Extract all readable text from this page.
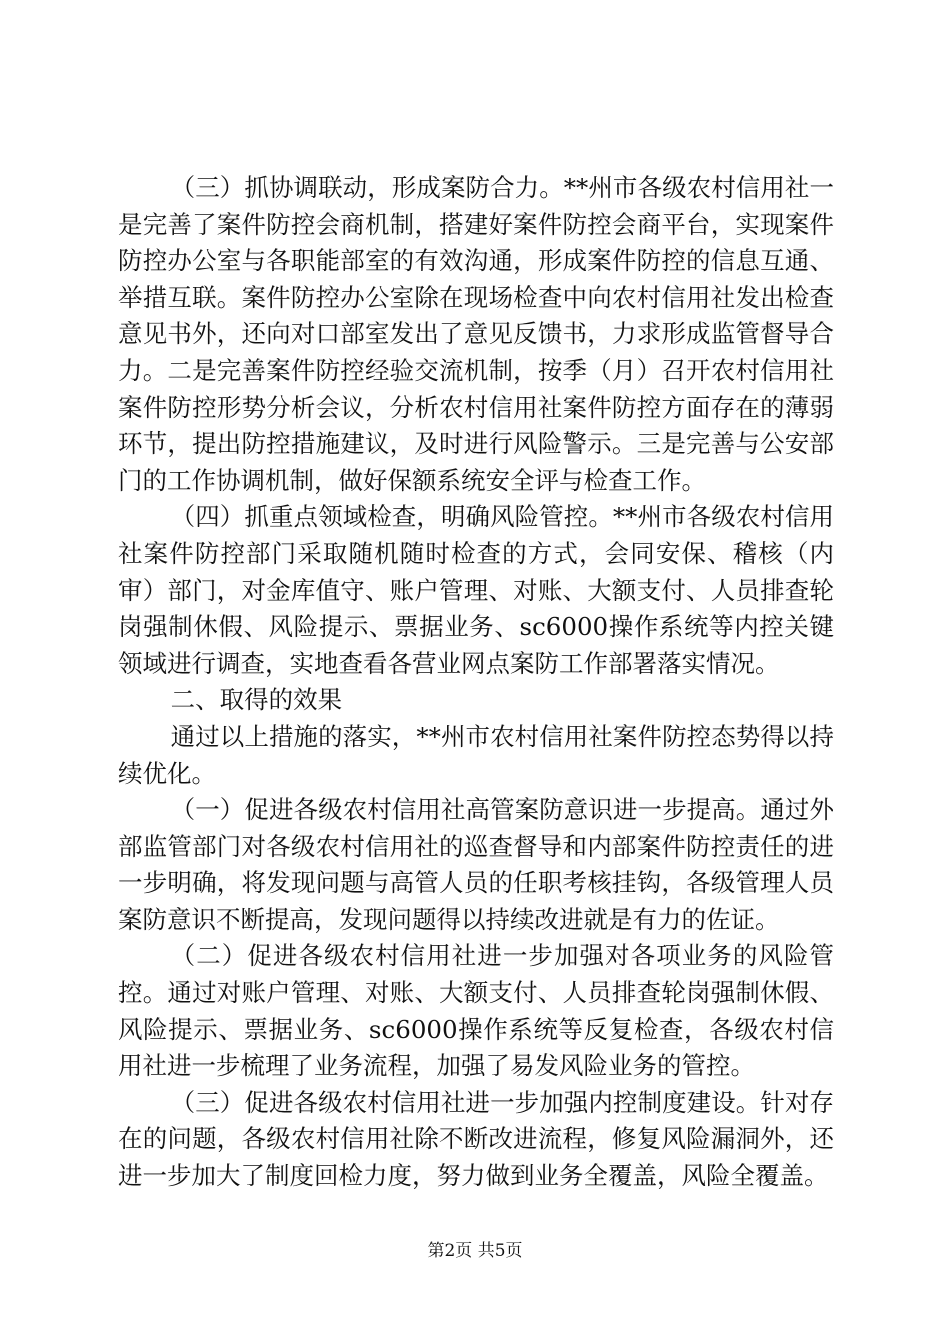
（三）抓协调联动，形成案防合力。**州市各级农村信用社一是完善了案件防控会商机制，搭建好案件防控会商平台，实现案件防控办公室与各职能部室的有效沟通，形成案件防控的信息互通、举措互联。案件防控办公室除在现场检查中向农村信用社发出检查意见书外，还向对口部室发出了意见反馈书，力求形成监管督导合力。二是完善案件防控经验交流机制，按季（月）召开农村信用社案件防控形势分析会议，分析农村信用社案件防控方面存在的薄弱环节，提出防控措施建议，及时进行风险警示。三是完善与公安部门的工作协调机制，做好保额系统安全评与检查工作。

（四）抓重点领域检查，明确风险管控。**州市各级农村信用社案件防控部门采取随机随时检查的方式，会同安保、稽核（内审）部门，对金库值守、账户管理、对账、大额支付、人员排查轮岗强制休假、风险提示、票据业务、sc6000操作系统等内控关键领域进行调查，实地查看各营业网点案防工作部署落实情况。

二、取得的效果

通过以上措施的落实，**州市农村信用社案件防控态势得以持续优化。

（一）促进各级农村信用社高管案防意识进一步提高。通过外部监管部门对各级农村信用社的巡查督导和内部案件防控责任的进一步明确，将发现问题与高管人员的任职考核挂钩，各级管理人员案防意识不断提高，发现问题得以持续改进就是有力的佐证。

（二）促进各级农村信用社进一步加强对各项业务的风险管控。通过对账户管理、对账、大额支付、人员排查轮岗强制休假、风险提示、票据业务、sc6000操作系统等反复检查，各级农村信用社进一步梳理了业务流程，加强了易发风险业务的管控。

（三）促进各级农村信用社进一步加强内控制度建设。针对存在的问题，各级农村信用社除不断改进流程，修复风险漏洞外，还进一步加大了制度回检力度，努力做到业务全覆盖，风险全覆盖。

第2页 共5页
